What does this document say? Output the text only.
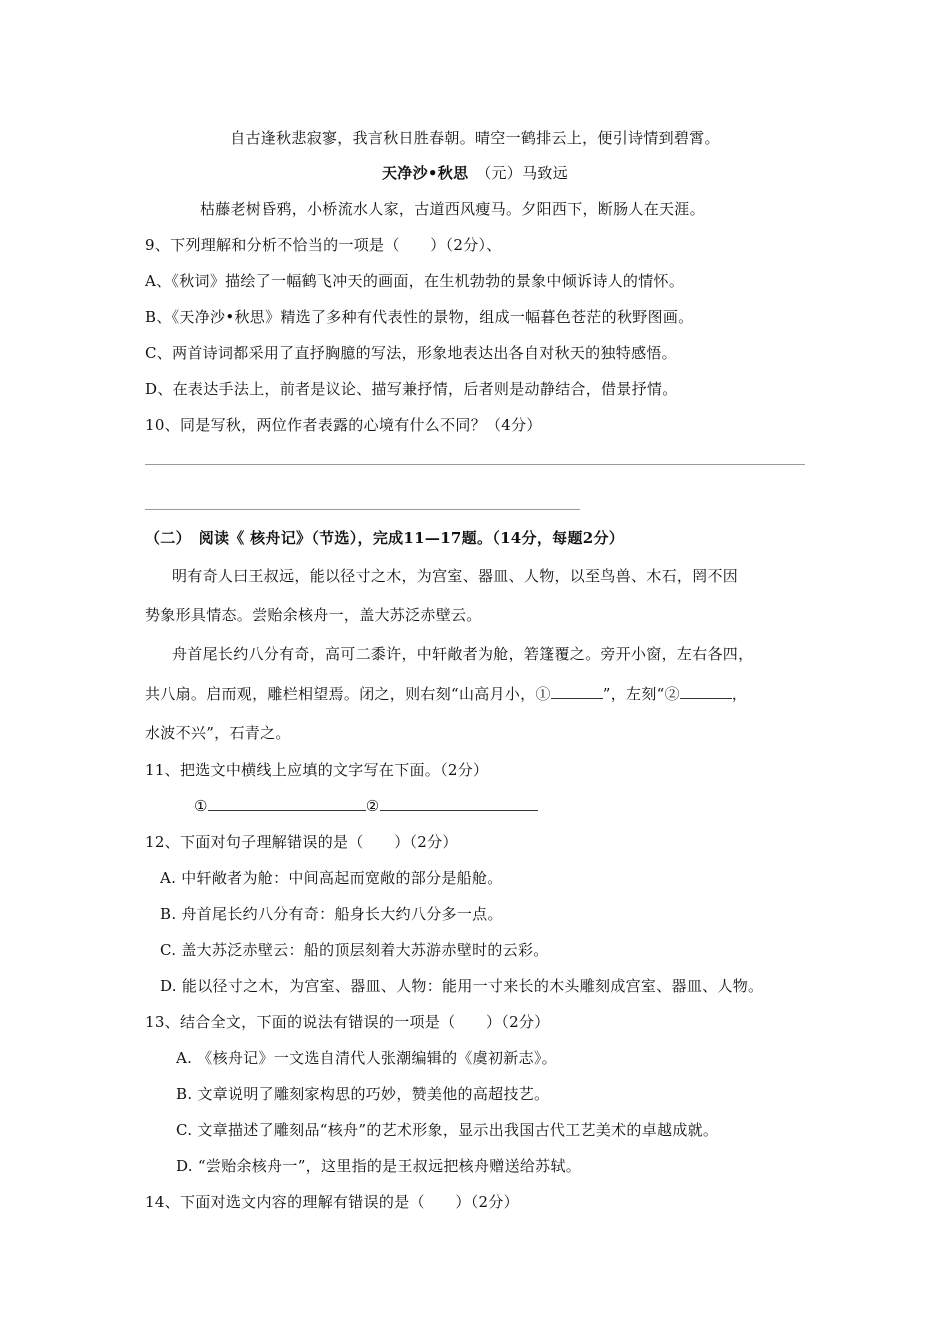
自古逢秋悲寂寥，我言秋日胜春朝。晴空一鹤排云上，便引诗情到碧霄。
天净沙•秋思　 （元）马致远
枯藤老树昏鸦，小桥流水人家，古道西风瘦马。夕阳西下，断肠人在天涯。
9、下列理解和分析不恰当的一项是（　　）（2分）、
A、《秋词》描绘了一幅鹤飞冲天的画面，在生机勃勃的景象中倾诉诗人的情怀。
B、《天净沙•秋思》精选了多种有代表性的景物，组成一幅暮色苍茫的秋野图画。
C、两首诗词都采用了直抒胸臆的写法，形象地表达出各自对秋天的独特感悟。
D、在表达手法上，前者是议论、描写兼抒情，后者则是动静结合，借景抒情。
10、同是写秋，两位作者表露的心境有什么不同？（4分）
（二）　阅读《 核舟记》（节选），完成11—17题。（14分，每题2分）
明有奇人曰王叔远，能以径寸之木，为宫室、器皿、人物，以至鸟兽、木石，罔不因
势象形具情态。尝贻余核舟一，盖大苏泛赤壁云。
舟首尾长约八分有奇，高可二黍许，中轩敞者为舱，箬篷覆之。旁开小窗，左右各四，
共八扇。启而观，雕栏相望焉。闭之，则右刻“山高月小，①	”，左刻“②	，
水波不兴”，石青之。
11、把选文中横线上应填的文字写在下面。（2分）
①	②
12、下面对句子理解错误的是（　　）（2分）
A. 中轩敞者为舱：中间高起而宽敞的部分是船舱。
B. 舟首尾长约八分有奇：船身长大约八分多一点。
C. 盖大苏泛赤壁云：船的顶层刻着大苏游赤壁时的云彩。
D. 能以径寸之木，为宫室、器皿、人物：能用一寸来长的木头雕刻成宫室、器皿、人物。
13、结合全文，下面的说法有错误的一项是（　　）（2分）
A. 《核舟记》一文选自清代人张潮编辑的《虞初新志》。
B. 文章说明了雕刻家构思的巧妙，赞美他的高超技艺。
C. 文章描述了雕刻品“核舟”的艺术形象，显示出我国古代工艺美术的卓越成就。
D. “尝贻余核舟一”，这里指的是王叔远把核舟赠送给苏轼。
14、下面对选文内容的理解有错误的是（　　）（2分）
